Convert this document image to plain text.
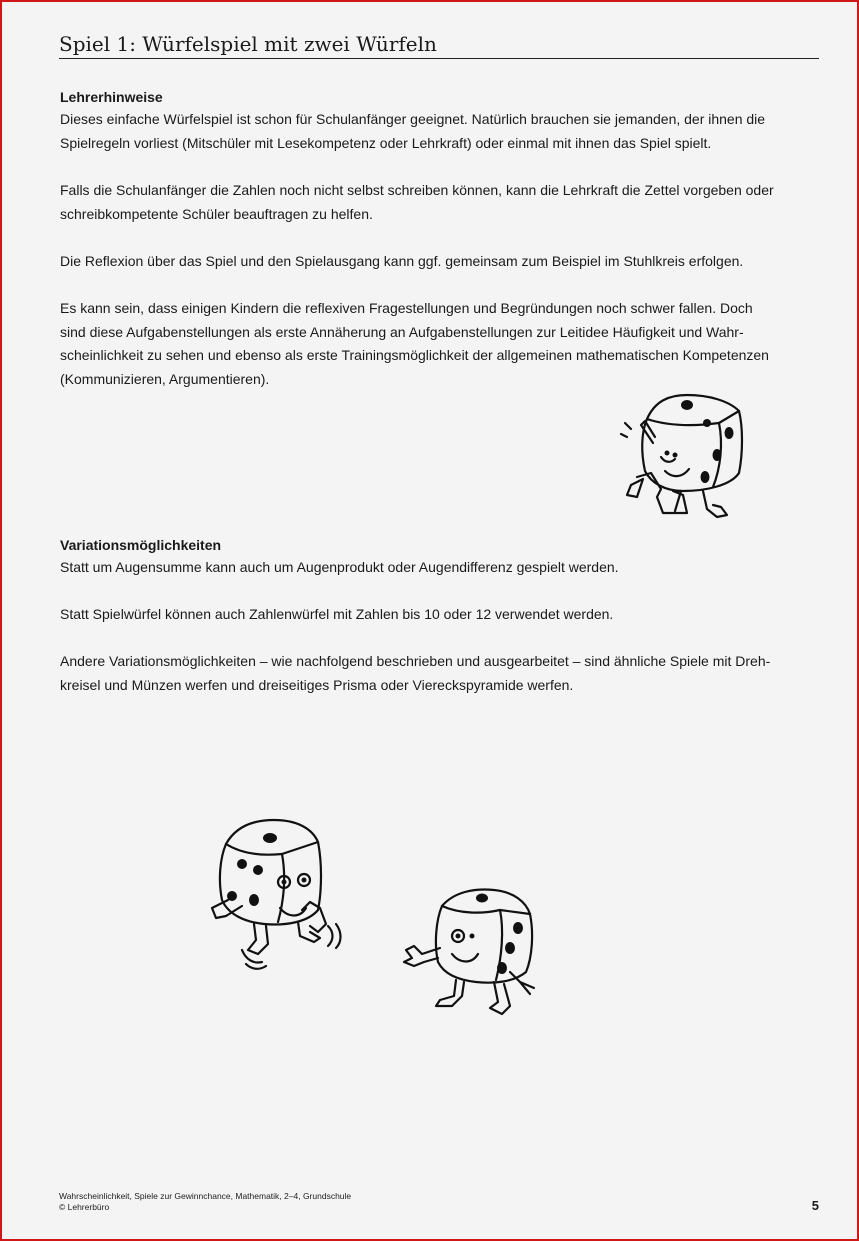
Spiel 1: Würfelspiel mit zwei Würfeln
Lehrerhinweise
Dieses einfache Würfelspiel ist schon für Schulanfänger geeignet. Natürlich brauchen sie jemanden, der ihnen die
Spielregeln vorliest (Mitschüler mit Lesekompetenz oder Lehrkraft) oder einmal mit ihnen das Spiel spielt.
Falls die Schulanfänger die Zahlen noch nicht selbst schreiben können, kann die Lehrkraft die Zettel vorgeben oder
schreibkompetente Schüler beauftragen zu helfen.
Die Reflexion über das Spiel und den Spielausgang kann ggf. gemeinsam zum Beispiel im Stuhlkreis erfolgen.
Es kann sein, dass einigen Kindern die reflexiven Fragestellungen und Begründungen noch schwer fallen. Doch
sind diese Aufgabenstellungen als erste Annäherung an Aufgabenstellungen zur Leitidee Häufigkeit und Wahr-
scheinlichkeit zu sehen und ebenso als erste Trainingsmöglichkeit der allgemeinen mathematischen Kompetenzen
(Kommunizieren, Argumentieren).
Variationsmöglichkeiten
Statt um Augensumme kann auch um Augenprodukt oder Augendifferenz gespielt werden.
Statt Spielwürfel können auch Zahlenwürfel mit Zahlen bis 10 oder 12 verwendet werden.
Andere Variationsmöglichkeiten – wie nachfolgend beschrieben und ausgearbeitet – sind ähnliche Spiele mit Dreh-
kreisel und Münzen werfen und dreiseitiges Prisma oder Viereckspyramide werfen.
Wahrscheinlichkeit, Spiele zur Gewinnchance, Mathematik, 2–4, Grundschule
© Lehrerbüro	5
